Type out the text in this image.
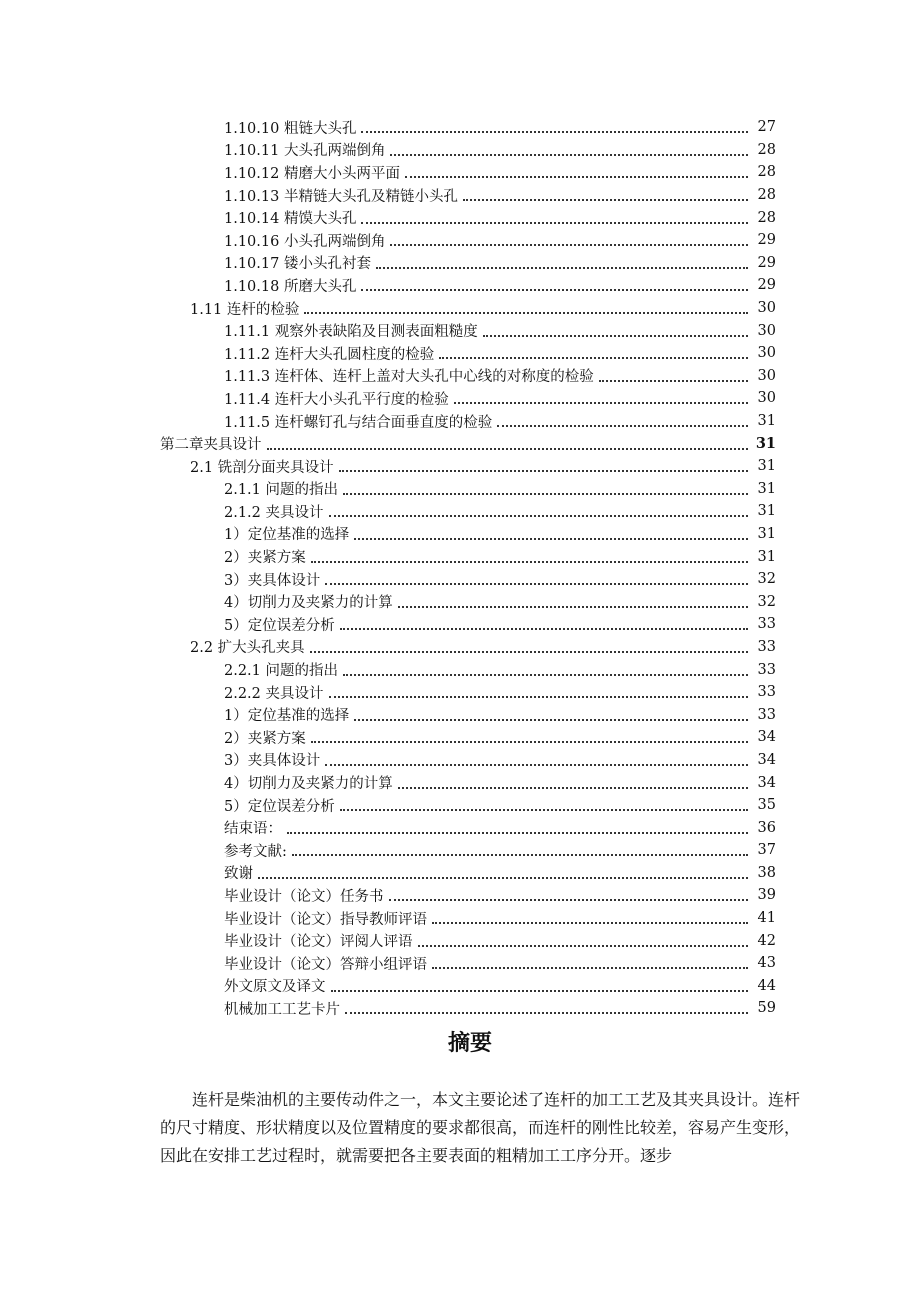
1.10.10 粗链大头孔	27
1.10.11 大头孔两端倒角	28
1.10.12 精磨大小头两平面	28
1.10.13 半精链大头孔及精链小头孔	28
1.10.14 精馍大头孔	28
1.10.16 小头孔两端倒角	29
1.10.17 镂小头孔衬套	29
1.10.18 所磨大头孔	29
1.11 连杆的检验	30
1.11.1 观察外表缺陷及目测表面粗糙度	30
1.11.2 连杆大头孔圆柱度的检验	30
1.11.3 连杆体、连杆上盖对大头孔中心线的对称度的检验	30
1.11.4 连杆大小头孔平行度的检验	30
1.11.5 连杆螺钉孔与结合面垂直度的检验	31
第二章夹具设计	31
2.1 铣剖分面夹具设计	31
2.1.1 问题的指出	31
2.1.2 夹具设计	31
1）定位基准的选择	31
2）夹紧方案	31
3）夹具体设计	32
4）切削力及夹紧力的计算	32
5）定位误差分析	33
2.2 扩大头孔夹具	33
2.2.1 问题的指出	33
2.2.2 夹具设计	33
1）定位基准的选择	33
2）夹紧方案	34
3）夹具体设计	34
4）切削力及夹紧力的计算	34
5）定位误差分析	35
结束语：	36
参考文献:	37
致谢	38
毕业设计（论文）任务书	39
毕业设计（论文）指导教师评语	41
毕业设计（论文）评阅人评语	42
毕业设计（论文）答辩小组评语	43
外文原文及译文	44
机械加工工艺卡片	59
摘要

连杆是柴油机的主要传动件之一，本文主要论述了连杆的加工工艺及其夹具设计。连杆的尺寸精度、形状精度以及位置精度的要求都很高，而连杆的刚性比较差，容易产生变形，因此在安排工艺过程时，就需要把各主要表面的粗精加工工序分开。逐步
